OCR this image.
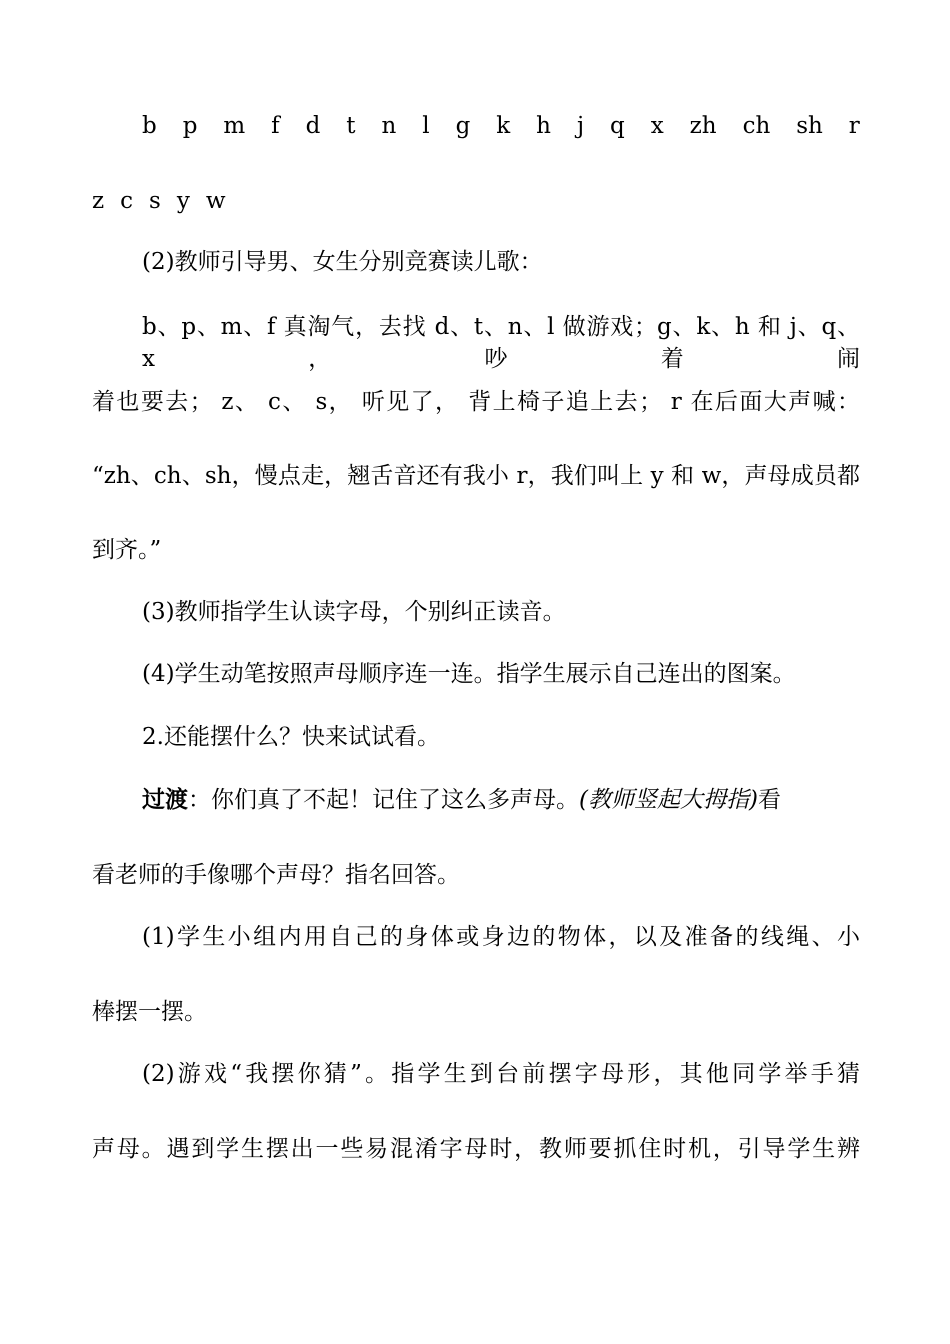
b p m f d t n l g k h j q x zh ch sh r
z c s y w
(2)教师引导男、女生分别竞赛读儿歌：
b、p、m、f 真淘气，去找 d、t、n、l 做游戏；g、k、h 和 j、q、x，吵着闹
着也要去； z、 c、 s， 听见了， 背上椅子追上去； r 在后面大声喊：
“zh、ch、sh，慢点走，翘舌音还有我小 r，我们叫上 y 和 w，声母成员都
到齐。”
(3)教师指学生认读字母，个别纠正读音。
(4)学生动笔按照声母顺序连一连。指学生展示自己连出的图案。
2.还能摆什么？快来试试看。
过渡：你们真了不起！记住了这么多声母。(教师竖起大拇指)看
看老师的手像哪个声母？指名回答。
(1)学生小组内用自己的身体或身边的物体，以及准备的线绳、小
棒摆一摆。
(2)游戏“我摆你猜”。指学生到台前摆字母形，其他同学举手猜
声母。遇到学生摆出一些易混淆字母时，教师要抓住时机，引导学生辨
